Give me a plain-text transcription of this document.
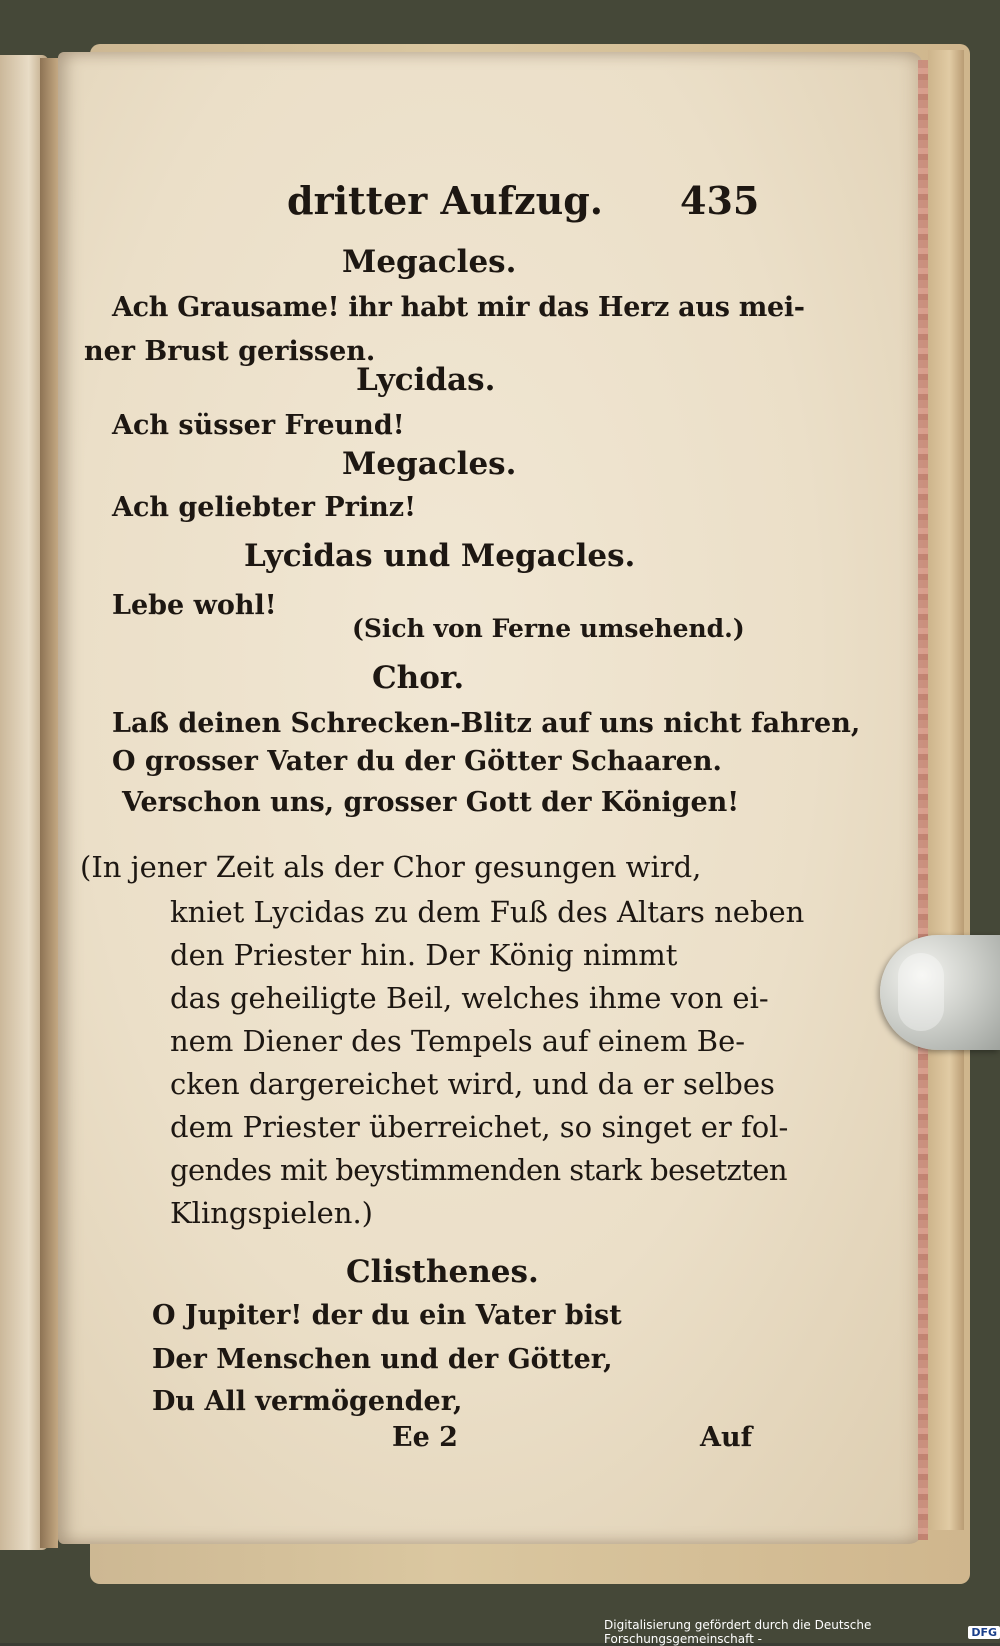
dritter Aufzug. 435
Megacles.
Ach Grausame! ihr habt mir das Herz aus mei-
ner Brust gerissen.
Lycidas.
Ach süsser Freund!
Megacles.
Ach geliebter Prinz!
Lycidas und Megacles.
Lebe wohl!
(Sich von Ferne umsehend.)
Chor.
Laß deinen Schrecken-Blitz auf uns nicht fahren,
O grosser Vater du der Götter Schaaren.
Verschon uns, grosser Gott der Königen!
(In jener Zeit als der Chor gesungen wird,
kniet Lycidas zu dem Fuß des Altars neben
den Priester hin. Der König nimmt
das geheiligte Beil, welches ihme von ei-
nem Diener des Tempels auf einem Be-
cken dargereichet wird, und da er selbes
dem Priester überreichet, so singet er fol-
gendes mit beystimmenden stark besetzten
Klingspielen.)
Clisthenes.
O Jupiter! der du ein Vater bist
Der Menschen und der Götter,
Du All vermögender,
Ee 2	Auf
Digitalisierung gefördert durch die Deutsche Forschungsgemeinschaft -	DFG
